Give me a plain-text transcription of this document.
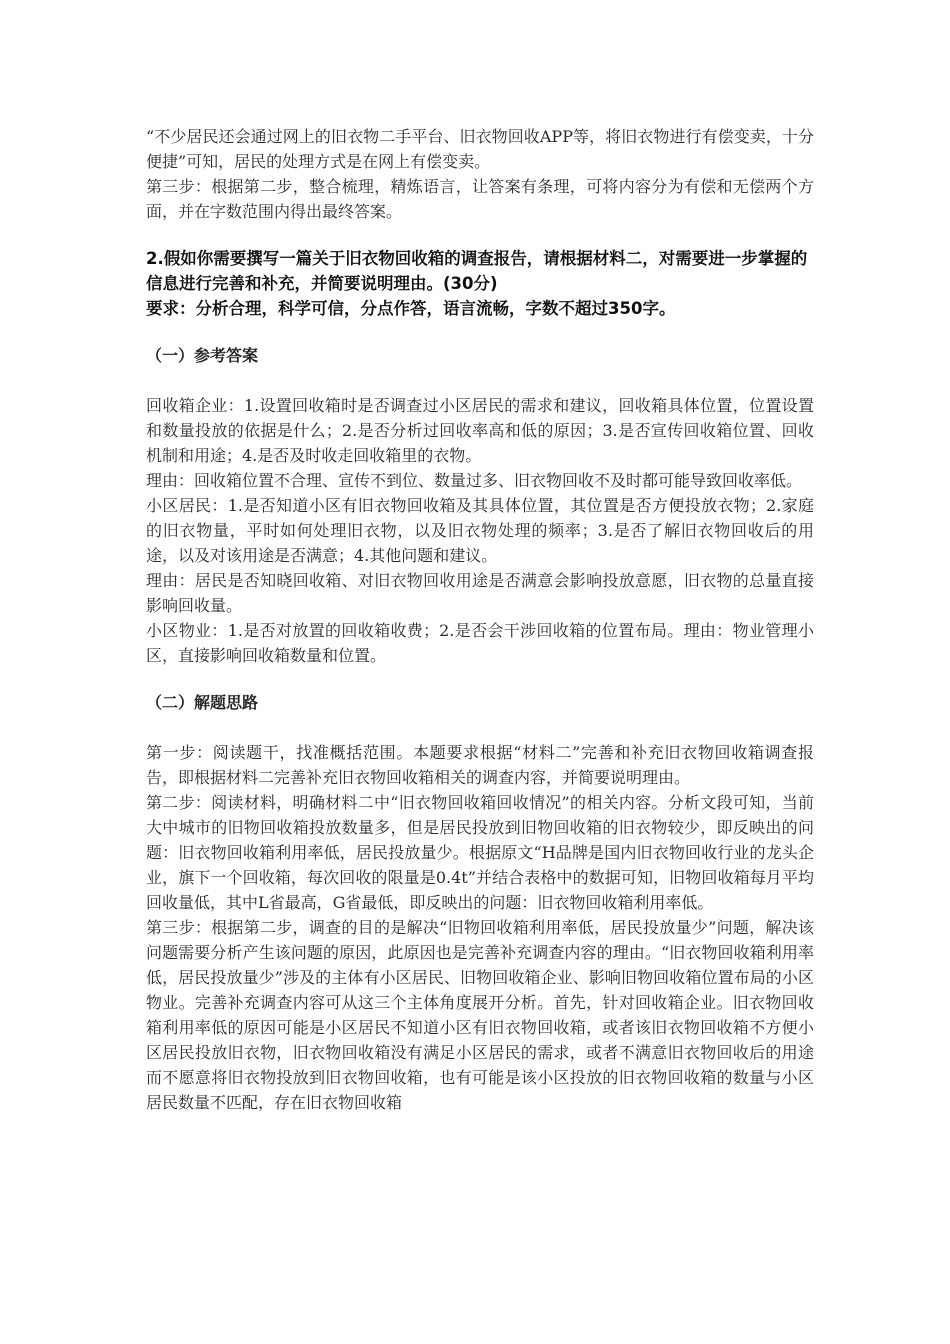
“不少居民还会通过网上的旧衣物二手平台、旧衣物回收APP等，将旧衣物进行有偿变卖，十分便捷”可知，居民的处理方式是在网上有偿变卖。

第三步：根据第二步，整合梳理，精炼语言，让答案有条理，可将内容分为有偿和无偿两个方面，并在字数范围内得出最终答案。

2.假如你需要撰写一篇关于旧衣物回收箱的调查报告，请根据材料二，对需要进一步掌握的信息进行完善和补充，并简要说明理由。(30分)

要求：分析合理，科学可信，分点作答，语言流畅，字数不超过350字。

（一）参考答案

回收箱企业：1.设置回收箱时是否调查过小区居民的需求和建议，回收箱具体位置，位置设置和数量投放的依据是什么；2.是否分析过回收率高和低的原因；3.是否宣传回收箱位置、回收机制和用途；4.是否及时收走回收箱里的衣物。

理由：回收箱位置不合理、宣传不到位、数量过多、旧衣物回收不及时都可能导致回收率低。

小区居民：1.是否知道小区有旧衣物回收箱及其具体位置，其位置是否方便投放衣物；2.家庭的旧衣物量，平时如何处理旧衣物，以及旧衣物处理的频率；3.是否了解旧衣物回收后的用途，以及对该用途是否满意；4.其他问题和建议。

理由：居民是否知晓回收箱、对旧衣物回收用途是否满意会影响投放意愿，旧衣物的总量直接影响回收量。

小区物业：1.是否对放置的回收箱收费；2.是否会干涉回收箱的位置布局。理由：物业管理小区，直接影响回收箱数量和位置。

（二）解题思路

第一步：阅读题干，找准概括范围。本题要求根据“材料二”完善和补充旧衣物回收箱调查报告，即根据材料二完善补充旧衣物回收箱相关的调查内容，并简要说明理由。

第二步：阅读材料，明确材料二中“旧衣物回收箱回收情况”的相关内容。分析文段可知，当前大中城市的旧物回收箱投放数量多，但是居民投放到旧物回收箱的旧衣物较少，即反映出的问题：旧衣物回收箱利用率低，居民投放量少。根据原文“H品牌是国内旧衣物回收行业的龙头企业，旗下一个回收箱，每次回收的限量是0.4t”并结合表格中的数据可知，旧物回收箱每月平均回收量低，其中L省最高，G省最低，即反映出的问题：旧衣物回收箱利用率低。

第三步：根据第二步，调查的目的是解决“旧物回收箱利用率低，居民投放量少”问题，解决该问题需要分析产生该问题的原因，此原因也是完善补充调查内容的理由。“旧衣物回收箱利用率低，居民投放量少”涉及的主体有小区居民、旧物回收箱企业、影响旧物回收箱位置布局的小区物业。完善补充调查内容可从这三个主体角度展开分析。首先，针对回收箱企业。旧衣物回收箱利用率低的原因可能是小区居民不知道小区有旧衣物回收箱，或者该旧衣物回收箱不方便小区居民投放旧衣物，旧衣物回收箱没有满足小区居民的需求，或者不满意旧衣物回收后的用途而不愿意将旧衣物投放到旧衣物回收箱，也有可能是该小区投放的旧衣物回收箱的数量与小区居民数量不匹配，存在旧衣物回收箱
